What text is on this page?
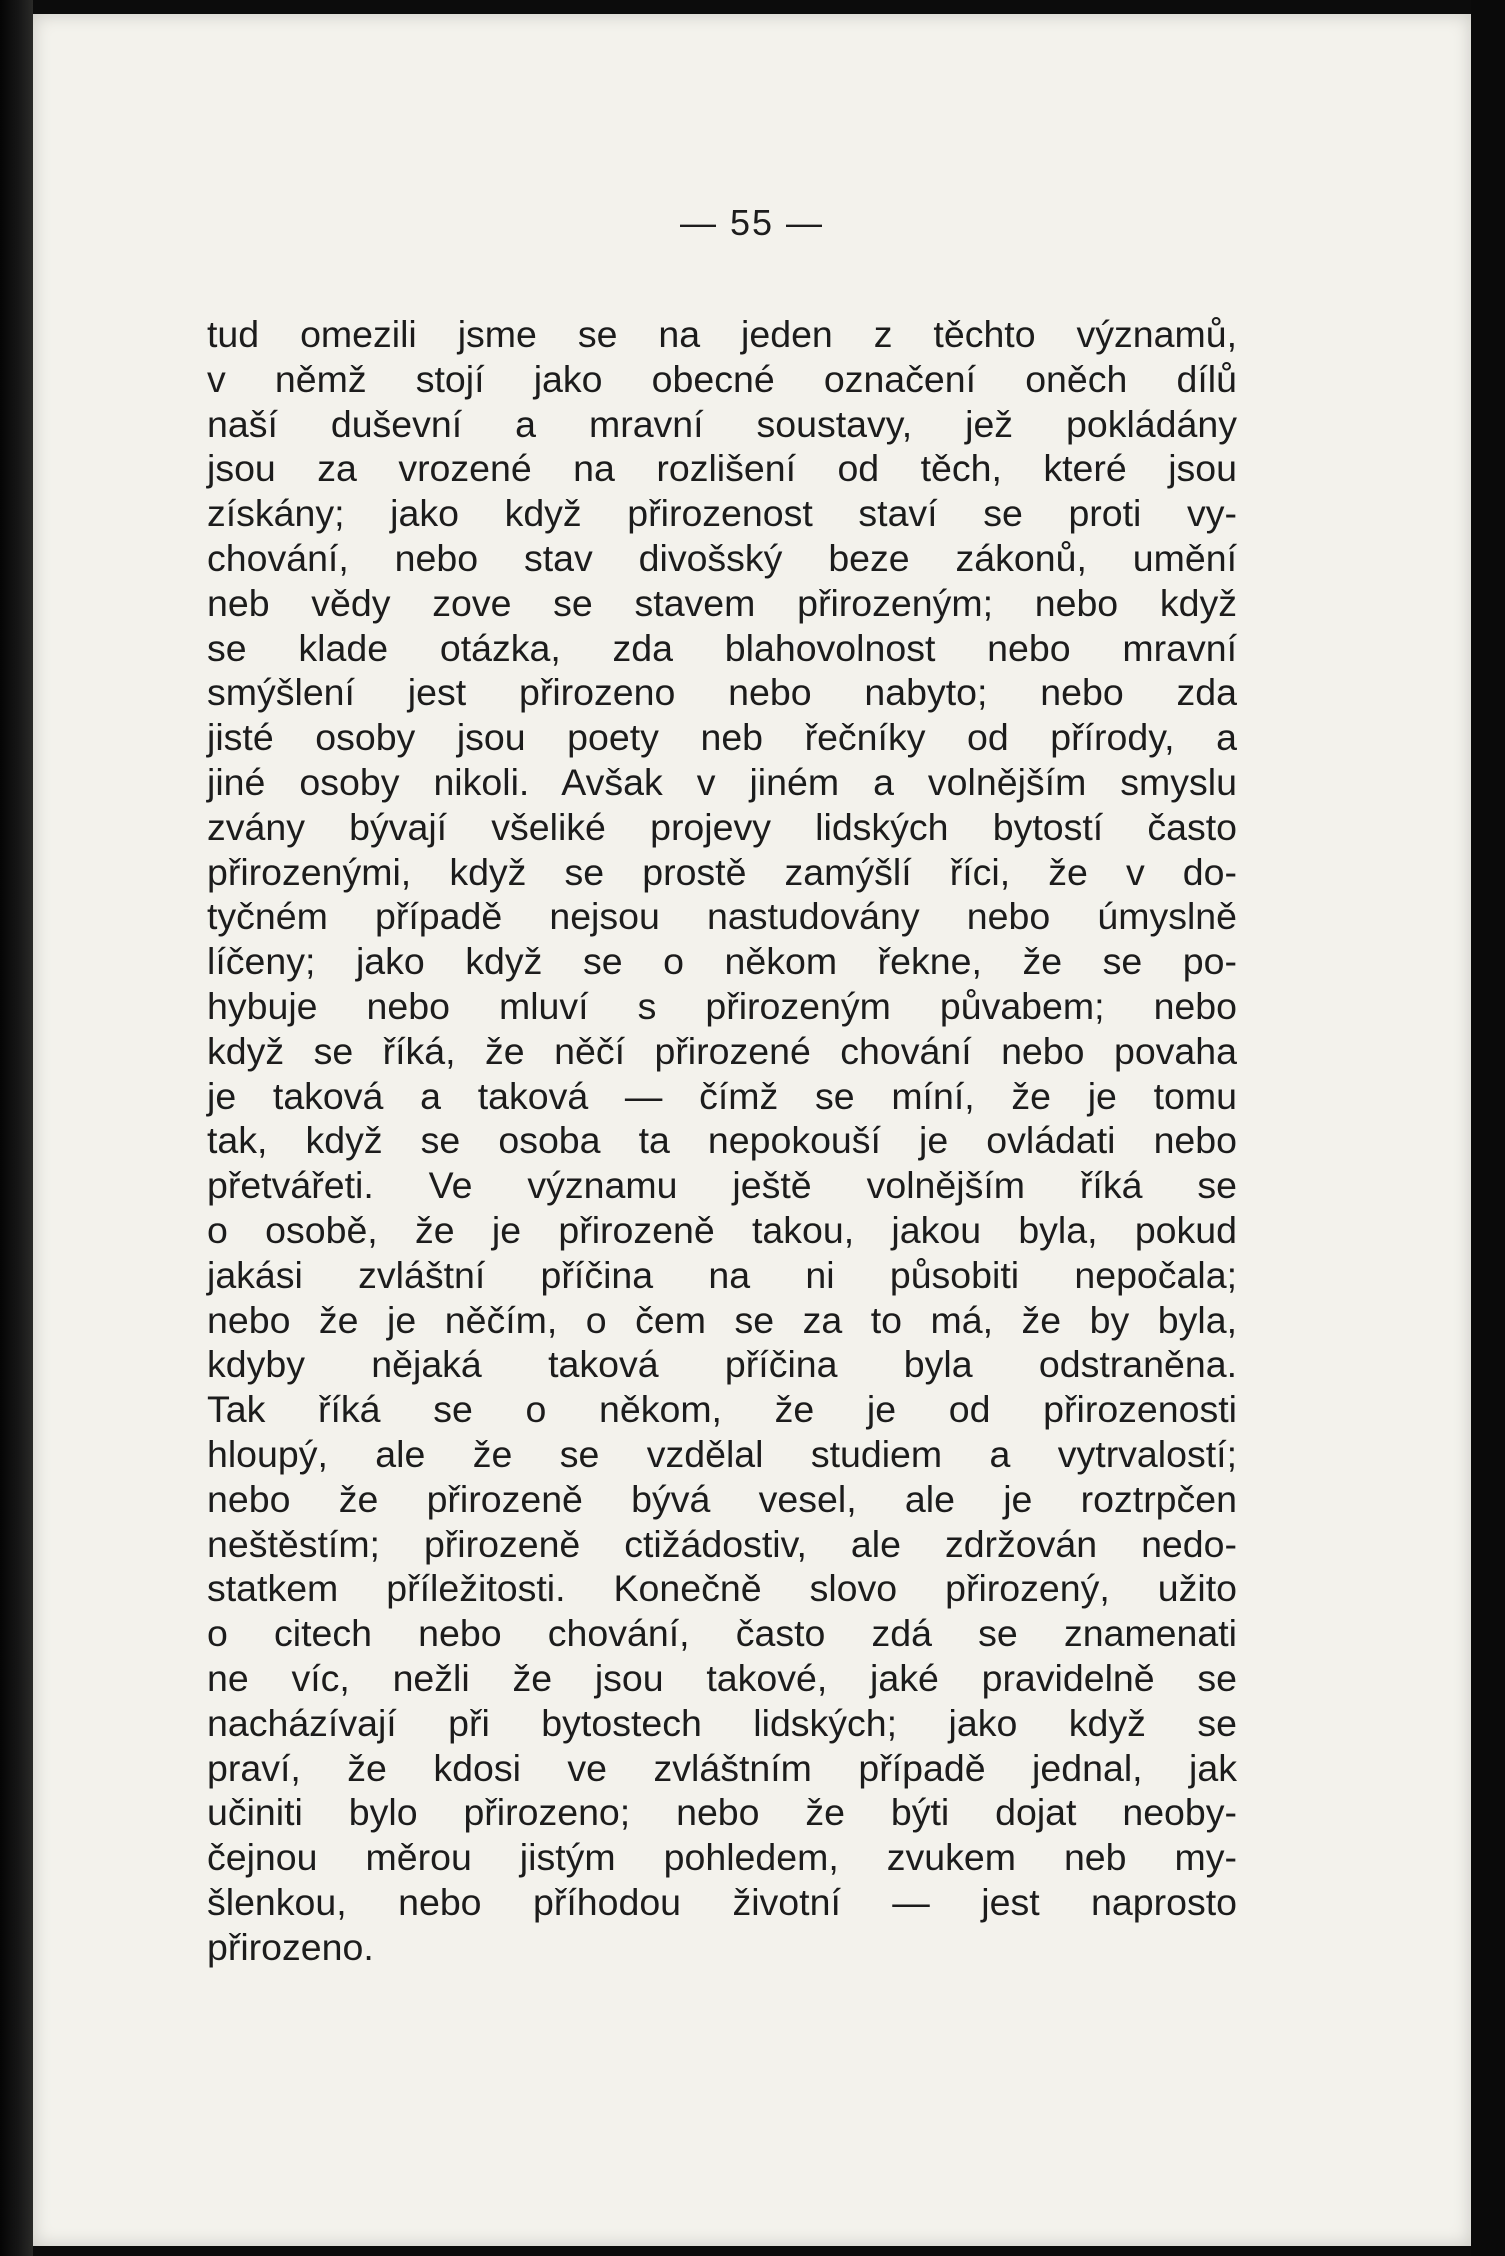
— 55 —
tud omezili jsme se na jeden z těchto významů,
v němž stojí jako obecné označení oněch dílů
naší duševní a mravní soustavy, jež pokládány
jsou za vrozené na rozlišení od těch, které jsou
získány; jako když přirozenost staví se proti vy-
chování, nebo stav divošský beze zákonů, umění
neb vědy zove se stavem přirozeným; nebo když
se klade otázka, zda blahovolnost nebo mravní
smýšlení jest přirozeno nebo nabyto; nebo zda
jisté osoby jsou poety neb řečníky od přírody, a
jiné osoby nikoli. Avšak v jiném a volnějším smyslu
zvány bývají všeliké projevy lidských bytostí často
přirozenými, když se prostě zamýšlí říci, že v do-
tyčném případě nejsou nastudovány nebo úmyslně
líčeny; jako když se o někom řekne, že se po-
hybuje nebo mluví s přirozeným půvabem; nebo
když se říká, že něčí přirozené chování nebo povaha
je taková a taková — čímž se míní, že je tomu
tak, když se osoba ta nepokouší je ovládati nebo
přetvářeti. Ve významu ještě volnějším říká se
o osobě, že je přirozeně takou, jakou byla, pokud
jakási zvláštní příčina na ni působiti nepočala;
nebo že je něčím, o čem se za to má, že by byla,
kdyby nějaká taková příčina byla odstraněna.
Tak říká se o někom, že je od přirozenosti
hloupý, ale že se vzdělal studiem a vytrvalostí;
nebo že přirozeně bývá vesel, ale je roztrpčen
neštěstím; přirozeně ctižádostiv, ale zdržován nedo-
statkem příležitosti. Konečně slovo přirozený, užito
o citech nebo chování, často zdá se znamenati
ne víc, nežli že jsou takové, jaké pravidelně se
nacházívají při bytostech lidských; jako když se
praví, že kdosi ve zvláštním případě jednal, jak
učiniti bylo přirozeno; nebo že býti dojat neoby-
čejnou měrou jistým pohledem, zvukem neb my-
šlenkou, nebo příhodou životní — jest naprosto
přirozeno.
